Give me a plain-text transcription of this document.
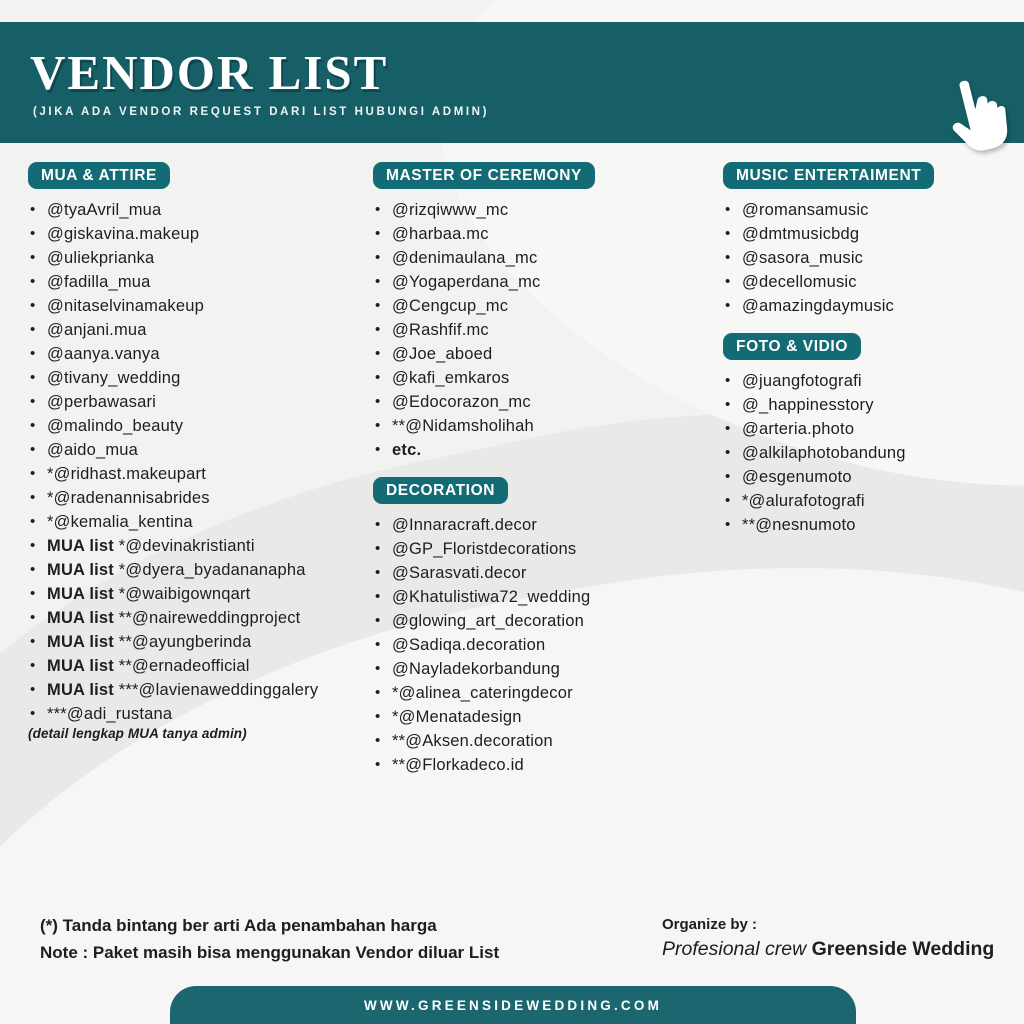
VENDOR LIST
(JIKA ADA VENDOR REQUEST DARI LIST HUBUNGI ADMIN)
MUA & ATTIRE
• @tyaAvril_mua
• @giskavina.makeup
• @uliekprianka
• @fadilla_mua
• @nitaselvinamakeup
• @anjani.mua
• @aanya.vanya
• @tivany_wedding
• @perbawasari
• @malindo_beauty
• @aido_mua
• *@ridhast.makeupart
• *@radenannisabrides
• *@kemalia_kentina
• MUA list *@devinakristianti
• MUA list *@dyera_byadananapha
• MUA list *@waibigownqart
• MUA list **@naireweddingproject
• MUA list **@ayungberinda
• MUA list **@ernadeofficial
• MUA list ***@lavienaweddinggalery
• ***@adi_rustana
(detail lengkap MUA tanya admin)
MASTER OF CEREMONY
• @rizqiwww_mc
• @harbaa.mc
• @denimaulana_mc
• @Yogaperdana_mc
• @Cengcup_mc
• @Rashfif.mc
• @Joe_aboed
• @kafi_emkaros
• @Edocorazon_mc
• **@Nidamsholihah
• etc.
DECORATION
• @Innaracraft.decor
• @GP_Floristdecorations
• @Sarasvati.decor
• @Khatulistiwa72_wedding
• @glowing_art_decoration
• @Sadiqa.decoration
• @Nayladekorbandung
• *@alinea_cateringdecor
• *@Menatadesign
• **@Aksen.decoration
• **@Florkadeco.id
MUSIC ENTERTAIMENT
• @romansamusic
• @dmtmusicbdg
• @sasora_music
• @decellomusic
• @amazingdaymusic
FOTO & VIDIO
• @juangfotografi
• @_happinesstory
• @arteria.photo
• @alkilaphotobandung
• @esgenumoto
• *@alurafotografi
• **@nesnumoto
(*) Tanda bintang ber arti Ada penambahan harga
Note : Paket masih bisa menggunakan Vendor diluar List
Organize by :
Profesional crew Greenside Wedding
WWW.GREENSIDEWEDDING.COM
